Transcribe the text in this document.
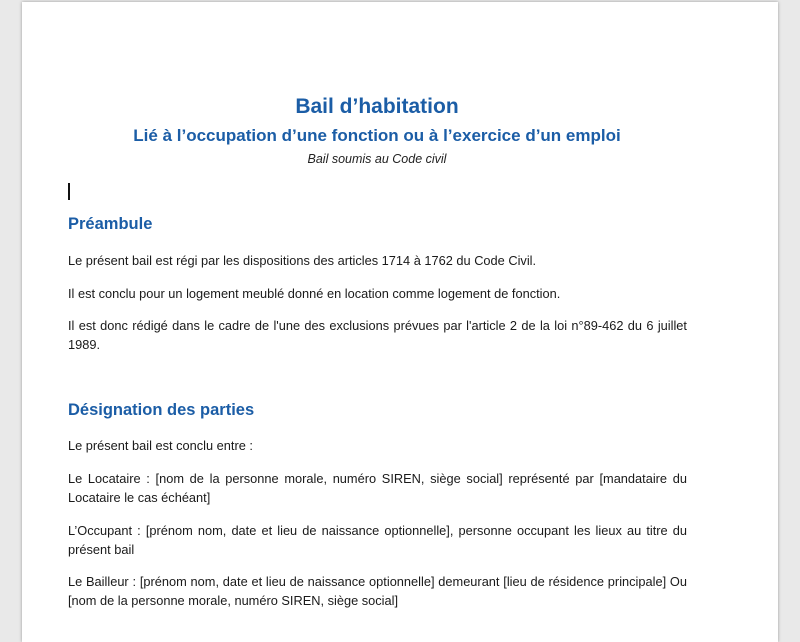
Bail d’habitation
Lié à l’occupation d’une fonction ou à l’exercice d’un emploi
Bail soumis au Code civil
Préambule

Le présent bail est régi par les dispositions des articles 1714 à 1762 du Code Civil.

Il est conclu pour un logement meublé donné en location comme logement de fonction.

Il est donc rédigé dans le cadre de l'une des exclusions prévues par l'article 2 de la loi n°89-462 du 6 juillet 1989.

Désignation des parties

Le présent bail est conclu entre :

Le Locataire : [nom de la personne morale, numéro SIREN, siège social] représenté par [mandataire du Locataire le cas échéant]

L’Occupant : [prénom nom, date et lieu de naissance optionnelle], personne occupant les lieux au titre du présent bail

Le Bailleur : [prénom nom, date et lieu de naissance optionnelle] demeurant [lieu de résidence principale] Ou [nom de la personne morale, numéro SIREN, siège social]
